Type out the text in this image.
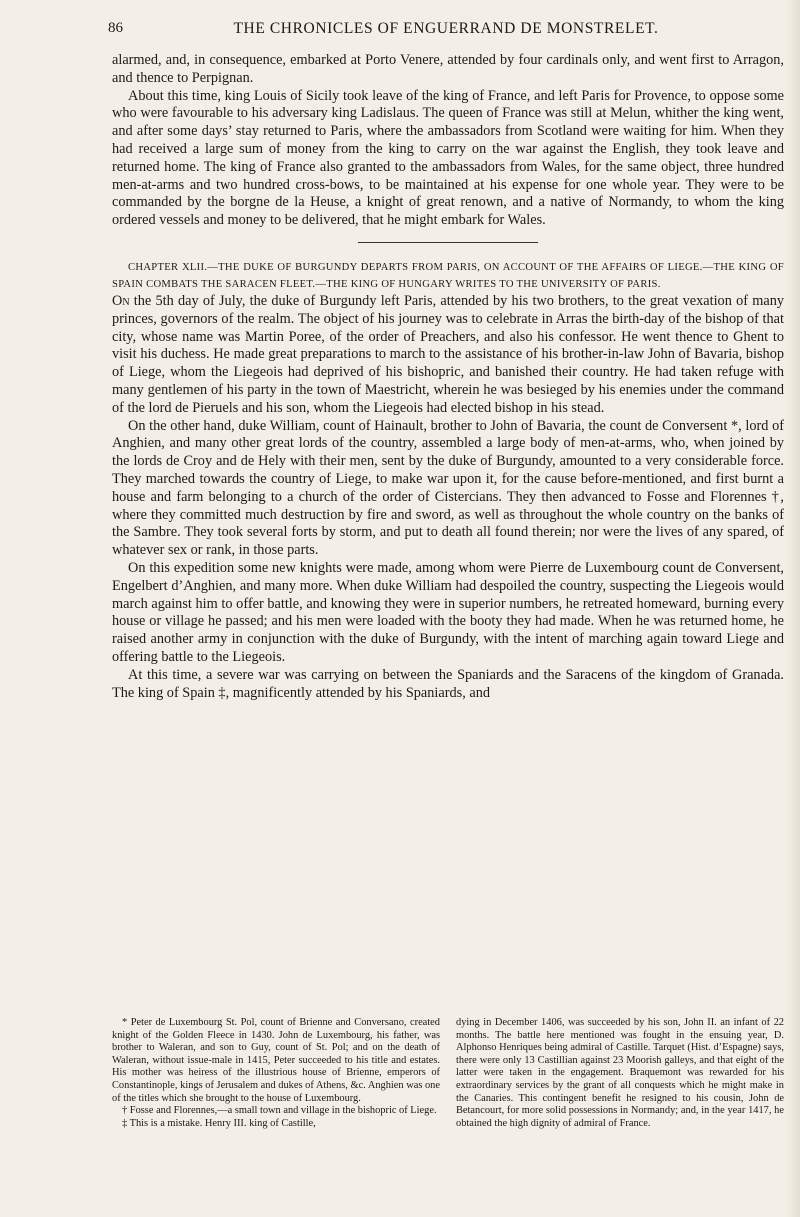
86	THE CHRONICLES OF ENGUERRAND DE MONSTRELET.

alarmed, and, in consequence, embarked at Porto Venere, attended by four cardinals only, and went first to Arragon, and thence to Perpignan.

About this time, king Louis of Sicily took leave of the king of France, and left Paris for Provence, to oppose some who were favourable to his adversary king Ladislaus. The queen of France was still at Melun, whither the king went, and after some days’ stay returned to Paris, where the ambassadors from Scotland were waiting for him. When they had received a large sum of money from the king to carry on the war against the English, they took leave and returned home. The king of France also granted to the ambassadors from Wales, for the same object, three hundred men-at-arms and two hundred cross-bows, to be maintained at his expense for one whole year. They were to be commanded by the borgne de la Heuse, a knight of great renown, and a native of Normandy, to whom the king ordered vessels and money to be delivered, that he might embark for Wales.

CHAPTER XLII.—THE DUKE OF BURGUNDY DEPARTS FROM PARIS, ON ACCOUNT OF THE AFFAIRS OF LIEGE.—THE KING OF SPAIN COMBATS THE SARACEN FLEET.—THE KING OF HUNGARY WRITES TO THE UNIVERSITY OF PARIS.

On the 5th day of July, the duke of Burgundy left Paris, attended by his two brothers, to the great vexation of many princes, governors of the realm. The object of his journey was to celebrate in Arras the birth-day of the bishop of that city, whose name was Martin Poree, of the order of Preachers, and also his confessor. He went thence to Ghent to visit his duchess. He made great preparations to march to the assistance of his brother-in-law John of Bavaria, bishop of Liege, whom the Liegeois had deprived of his bishopric, and banished their country. He had taken refuge with many gentlemen of his party in the town of Maestricht, wherein he was besieged by his enemies under the command of the lord de Pieruels and his son, whom the Liegeois had elected bishop in his stead.

On the other hand, duke William, count of Hainault, brother to John of Bavaria, the count de Conversent *, lord of Anghien, and many other great lords of the country, assembled a large body of men-at-arms, who, when joined by the lords de Croy and de Hely with their men, sent by the duke of Burgundy, amounted to a very considerable force. They marched towards the country of Liege, to make war upon it, for the cause before-mentioned, and first burnt a house and farm belonging to a church of the order of Cistercians. They then advanced to Fosse and Florennes †, where they committed much destruction by fire and sword, as well as throughout the whole country on the banks of the Sambre. They took several forts by storm, and put to death all found therein; nor were the lives of any spared, of whatever sex or rank, in those parts.

On this expedition some new knights were made, among whom were Pierre de Luxembourg count de Conversent, Engelbert d’Anghien, and many more. When duke William had despoiled the country, suspecting the Liegeois would march against him to offer battle, and knowing they were in superior numbers, he retreated homeward, burning every house or village he passed; and his men were loaded with the booty they had made. When he was returned home, he raised another army in conjunction with the duke of Burgundy, with the intent of marching again toward Liege and offering battle to the Liegeois.

At this time, a severe war was carrying on between the Spaniards and the Saracens of the kingdom of Granada. The king of Spain ‡, magnificently attended by his Spaniards, and

* Peter de Luxembourg St. Pol, count of Brienne and Conversano, created knight of the Golden Fleece in 1430. John de Luxembourg, his father, was brother to Waleran, and son to Guy, count of St. Pol; and on the death of Waleran, without issue-male in 1415, Peter succeeded to his title and estates. His mother was heiress of the illustrious house of Brienne, emperors of Constantinople, kings of Jerusalem and dukes of Athens, &c. Anghien was one of the titles which she brought to the house of Luxembourg.

† Fosse and Florennes,—a small town and village in the bishopric of Liege.

‡ This is a mistake. Henry III. king of Castille,

dying in December 1406, was succeeded by his son, John II. an infant of 22 months. The battle here mentioned was fought in the ensuing year, D. Alphonso Henriques being admiral of Castille. Tarquet (Hist. d’Espagne) says, there were only 13 Castillian against 23 Moorish galleys, and that eight of the latter were taken in the engagement. Braquemont was rewarded for his extraordinary services by the grant of all conquests which he might make in the Canaries. This contingent benefit he resigned to his cousin, John de Betancourt, for more solid possessions in Normandy; and, in the year 1417, he obtained the high dignity of admiral of France.
